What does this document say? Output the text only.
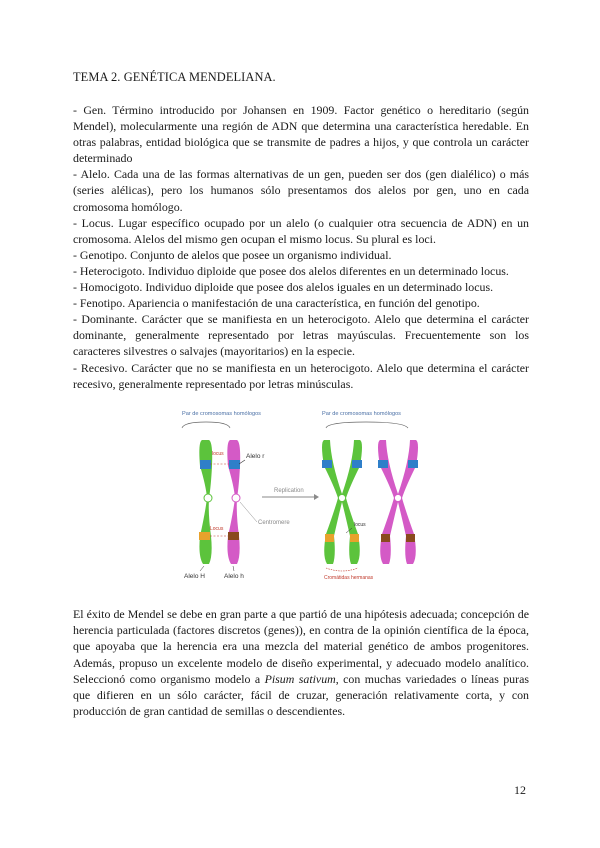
TEMA 2. GENÉTICA MENDELIANA.

- Gen. Término introducido por Johansen en 1909. Factor genético o hereditario (según Mendel), molecularmente una región de ADN que determina una característica heredable. En otras palabras, entidad biológica que se transmite de padres a hijos, y que controla un carácter determinado

- Alelo. Cada una de las formas alternativas de un gen, pueden ser dos (gen dialélico) o más (series alélicas), pero los humanos sólo presentamos dos alelos por gen, uno en cada cromosoma homólogo.

- Locus. Lugar específico ocupado por un alelo (o cualquier otra secuencia de ADN) en un cromosoma. Alelos del mismo gen ocupan el mismo locus. Su plural es loci.

- Genotipo. Conjunto de alelos que posee un organismo individual.

- Heterocigoto. Individuo diploide que posee dos alelos diferentes en un determinado locus.

- Homocigoto. Individuo diploide que posee dos alelos iguales en un determinado locus.

- Fenotipo. Apariencia o manifestación de una característica, en función del genotipo.

- Dominante. Carácter que se manifiesta en un heterocigoto. Alelo que determina el carácter dominante, generalmente representado por letras mayúsculas. Frecuentemente son los caracteres silvestres o salvajes (mayoritarios) en la especie.

- Recesivo. Carácter que no se manifiesta en un heterocigoto. Alelo que determina el carácter recesivo, generalmente representado por letras minúsculas.

Par de cromosomas homólogos
locus
Locus
Alelo r
Replication
Centromere
Alelo H	Alelo h
Par de cromosomas homólogos
locus
Cromátidas hermanas

El éxito de Mendel se debe en gran parte a que partió de una hipótesis adecuada; concepción de herencia particulada (factores discretos (genes)), en contra de la opinión científica de la época, que apoyaba que la herencia era una mezcla del material genético de ambos progenitores. Además, propuso un excelente modelo de diseño experimental, y adecuado modelo analítico. Seleccionó como organismo modelo a Pisum sativum, con muchas variedades o líneas puras que difieren en un sólo carácter, fácil de cruzar, generación relativamente corta, y con producción de gran cantidad de semillas o descendientes.

12
